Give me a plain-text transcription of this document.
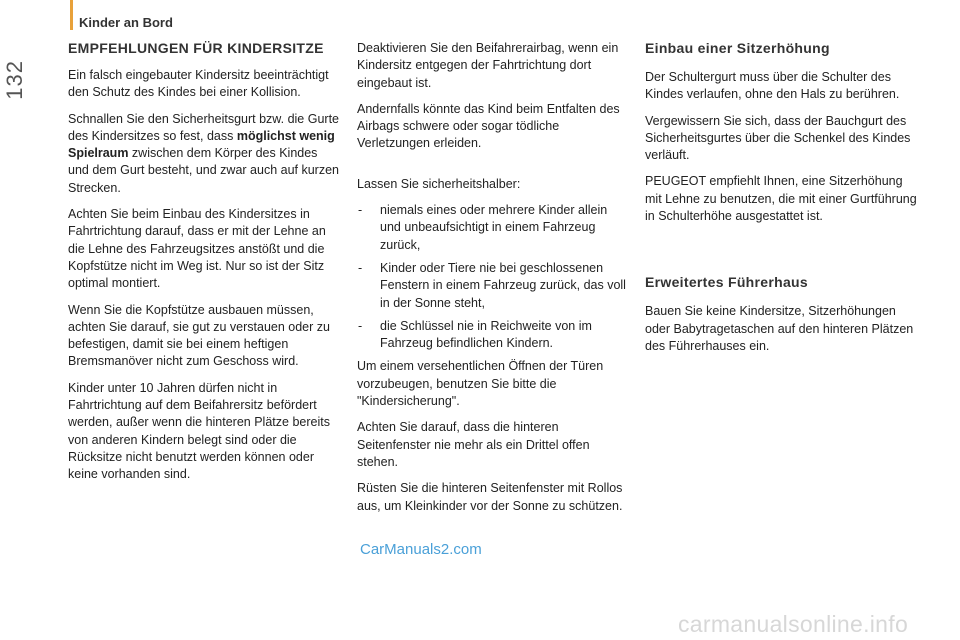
132
Kinder an Bord
EMPFEHLUNGEN FÜR KINDERSITZE

Ein falsch eingebauter Kindersitz beeinträchtigt den Schutz des Kindes bei einer Kollision.

Schnallen Sie den Sicherheitsgurt bzw. die Gurte des Kindersitzes so fest, dass möglichst wenig Spielraum zwischen dem Körper des Kindes und dem Gurt besteht, und zwar auch auf kurzen Strecken.

Achten Sie beim Einbau des Kindersitzes in Fahrtrichtung darauf, dass er mit der Lehne an die Lehne des Fahrzeugsitzes anstößt und die Kopfstütze nicht im Weg ist. Nur so ist der Sitz optimal montiert.

Wenn Sie die Kopfstütze ausbauen müssen, achten Sie darauf, sie gut zu verstauen oder zu befestigen, damit sie bei einem heftigen Bremsmanöver nicht zum Geschoss wird.

Kinder unter 10 Jahren dürfen nicht in Fahrtrichtung auf dem Beifahrersitz befördert werden, außer wenn die hinteren Plätze bereits von anderen Kindern belegt sind oder die Rücksitze nicht benutzt werden können oder keine vorhanden sind.

Deaktivieren Sie den Beifahrerairbag, wenn ein Kindersitz entgegen der Fahrtrichtung dort eingebaut ist.

Andernfalls könnte das Kind beim Entfalten des Airbags schwere oder sogar tödliche Verletzungen erleiden.

Lassen Sie sicherheitshalber:

- niemals eines oder mehrere Kinder allein und unbeaufsichtigt in einem Fahrzeug zurück,
- Kinder oder Tiere nie bei geschlossenen Fenstern in einem Fahrzeug zurück, das voll in der Sonne steht,
- die Schlüssel nie in Reichweite von im Fahrzeug befindlichen Kindern.

Um einem versehentlichen Öffnen der Türen vorzubeugen, benutzen Sie bitte die "Kindersicherung".

Achten Sie darauf, dass die hinteren Seitenfenster nie mehr als ein Drittel offen stehen.

Rüsten Sie die hinteren Seitenfenster mit Rollos aus, um Kleinkinder vor der Sonne zu schützen.

Einbau einer Sitzerhöhung

Der Schultergurt muss über die Schulter des Kindes verlaufen, ohne den Hals zu berühren.

Vergewissern Sie sich, dass der Bauchgurt des Sicherheitsgurtes über die Schenkel des Kindes verläuft.

PEUGEOT empfiehlt Ihnen, eine Sitzerhöhung mit Lehne zu benutzen, die mit einer Gurtführung in Schulterhöhe ausgestattet ist.

Erweitertes Führerhaus

Bauen Sie keine Kindersitze, Sitzerhöhungen oder Babytragetaschen auf den hinteren Plätzen des Führerhauses ein.

CarManuals2.com
carmanualsonline.info
